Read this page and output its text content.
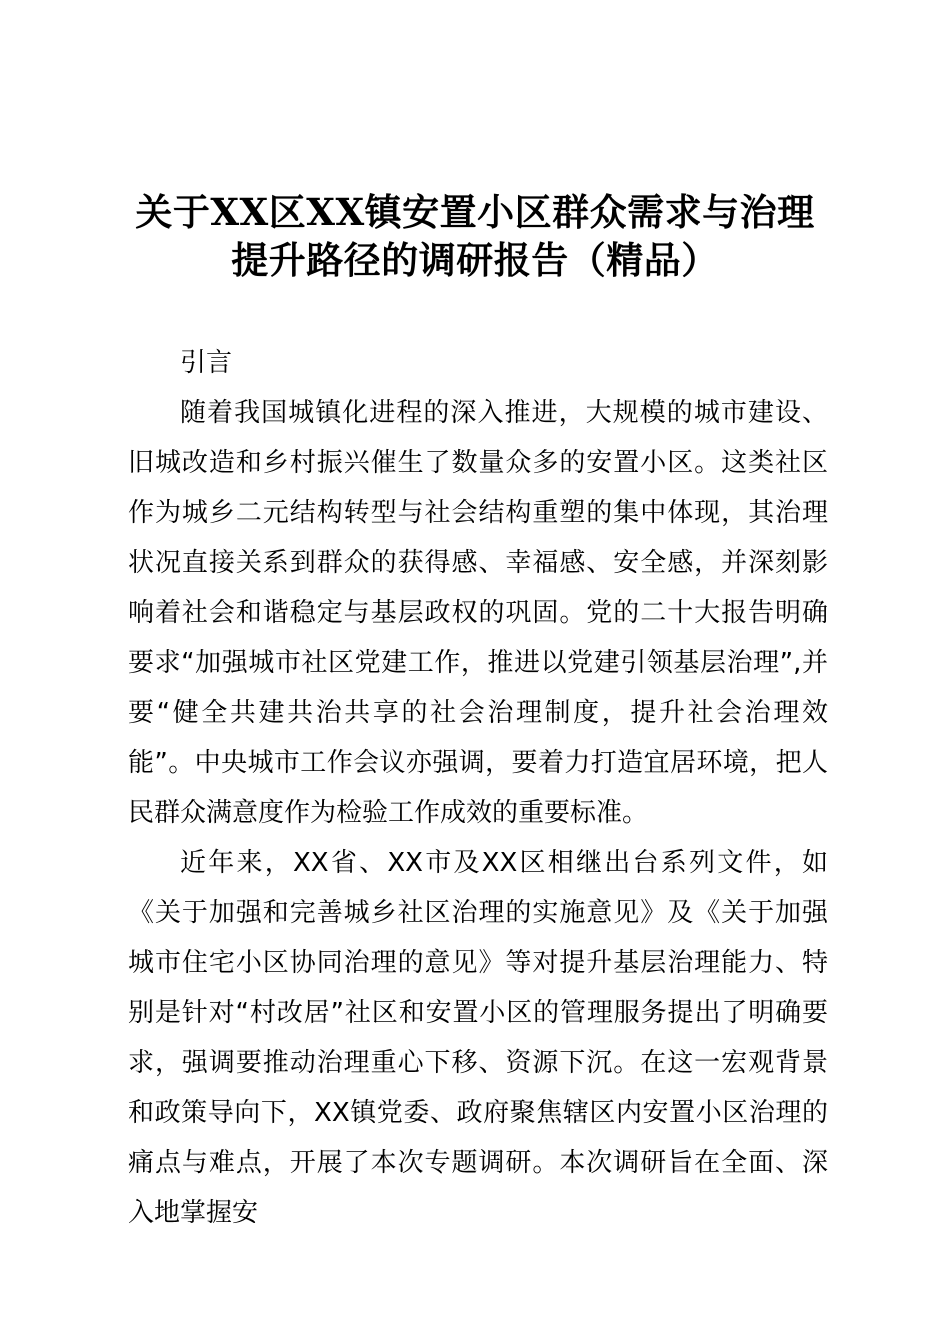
关于XX区XX镇安置小区群众需求与治理
提升路径的调研报告（精品）
引言

随着我国城镇化进程的深入推进，大规模的城市建设、旧城改造和乡村振兴催生了数量众多的安置小区。这类社区作为城乡二元结构转型与社会结构重塑的集中体现，其治理状况直接关系到群众的获得感、幸福感、安全感，并深刻影响着社会和谐稳定与基层政权的巩固。党的二十大报告明确要求“加强城市社区党建工作，推进以党建引领基层治理”,并要“健全共建共治共享的社会治理制度，提升社会治理效能”。中央城市工作会议亦强调，要着力打造宜居环境，把人民群众满意度作为检验工作成效的重要标准。

近年来，XX省、XX市及XX区相继出台系列文件，如《关于加强和完善城乡社区治理的实施意见》及《关于加强城市住宅小区协同治理的意见》等对提升基层治理能力、特别是针对“村改居”社区和安置小区的管理服务提出了明确要求，强调要推动治理重心下移、资源下沉。在这一宏观背景和政策导向下，XX镇党委、政府聚焦辖区内安置小区治理的痛点与难点，开展了本次专题调研。本次调研旨在全面、深入地掌握安
